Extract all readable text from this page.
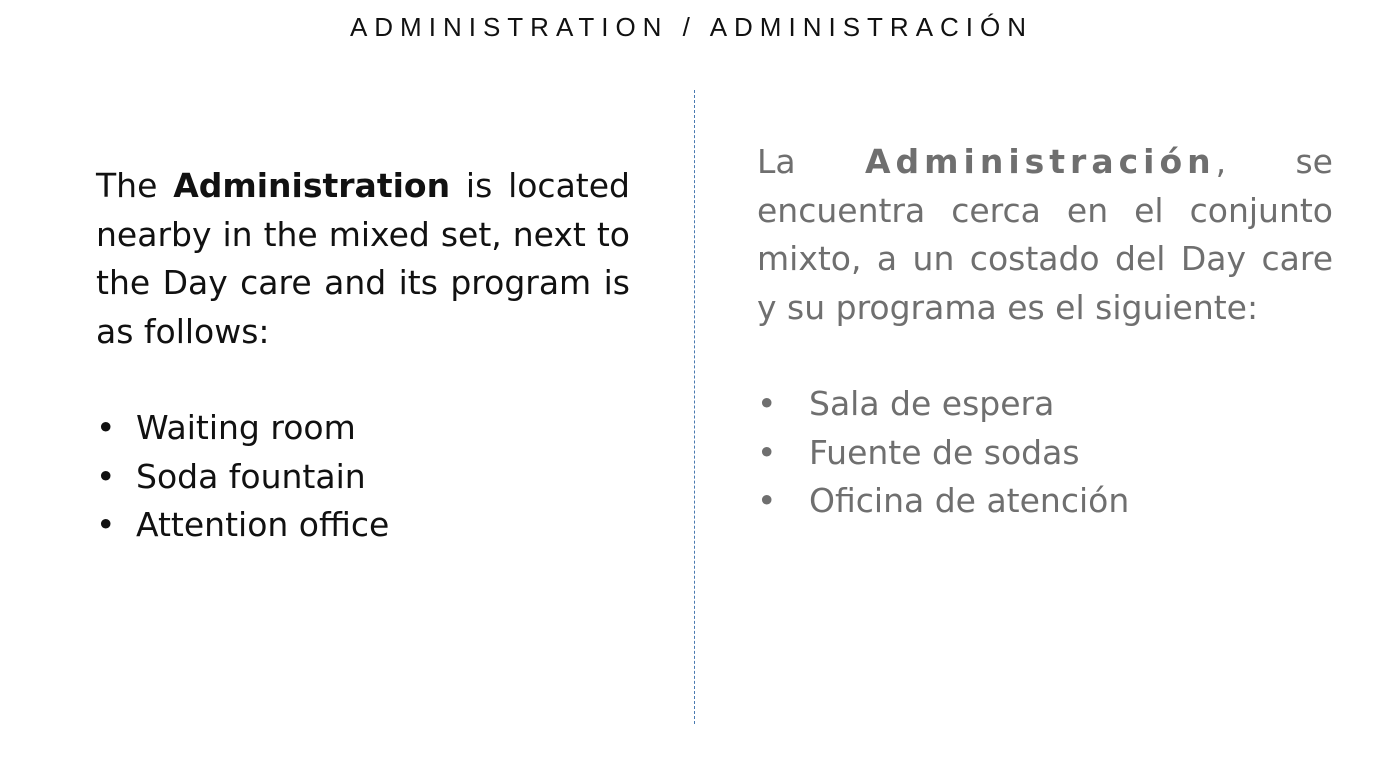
ADMINISTRATION / ADMINISTRACIÓN

The Administration is located nearby in the mixed set, next to the Day care and its program is as follows:

• Waiting room
• Soda fountain
• Attention office

La Administración, se encuentra cerca en el conjunto mixto, a un costado del Day care y su programa es el siguiente:

• Sala de espera
• Fuente de sodas
• Oficina de atención
